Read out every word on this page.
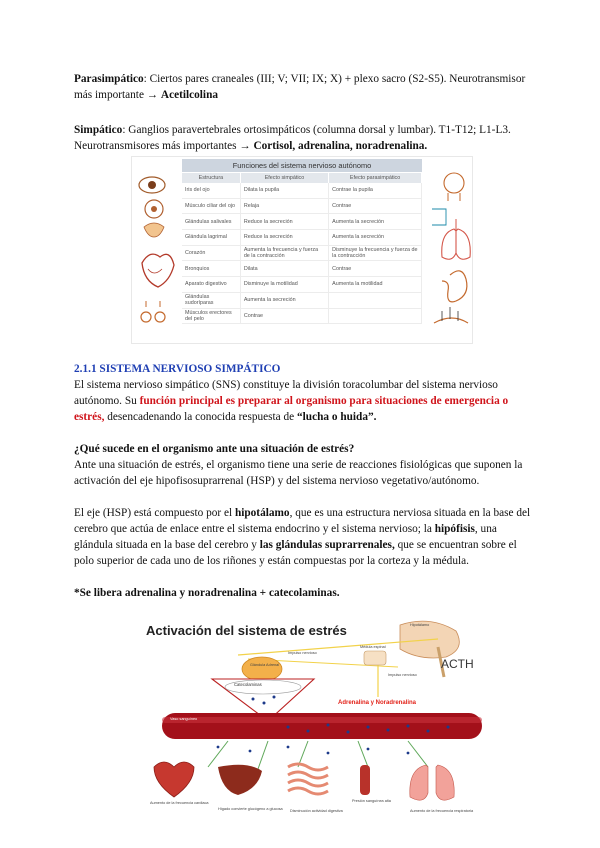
Parasimpático: Ciertos pares craneales (III; V; VII; IX; X) + plexo sacro (S2-S5). Neurotransmisor más importante → Acetilcolina

Simpático: Ganglios paravertebrales ortosimpáticos (columna dorsal y lumbar). T1-T12; L1-L3. Neurotransmisores más importantes → Cortisol, adrenalina, noradrenalina.

Funciones del sistema nervioso autónomo
Estructura	Efecto simpático	Efecto parasimpático
Iris del ojo	Dilata la pupila	Contrae la pupila
Músculo ciliar del ojo	Relaja	Contrae
Glándulas salivales	Reduce la secreción	Aumenta la secreción
Glándula lagrimal	Reduce la secreción	Aumenta la secreción
Corazón	Aumenta la frecuencia y fuerza de la contracción	Disminuye la frecuencia y fuerza de la contracción
Bronquios	Dilata	Contrae
Aparato digestivo	Disminuye la motilidad	Aumenta la motilidad
Glándulas sudoríparas	Aumenta la secreción	
Músculos erectores del pelo	Contrae	

2.1.1 SISTEMA NERVIOSO SIMPÁTICO

El sistema nervioso simpático (SNS) constituye la división toracolumbar del sistema nervioso autónomo. Su función principal es preparar al organismo para situaciones de emergencia o estrés, desencadenando la conocida respuesta de “lucha o huida”.

¿Qué sucede en el organismo ante una situación de estrés?

Ante una situación de estrés, el organismo tiene una serie de reacciones fisiológicas que suponen la activación del eje hipofisosuprarrenal (HSP) y del sistema nervioso vegetativo/autónomo.

El eje (HSP) está compuesto por el hipotálamo, que es una estructura nerviosa situada en la base del cerebro que actúa de enlace entre el sistema endocrino y el sistema nervioso; la hipófisis, una glándula situada en la base del cerebro y las glándulas suprarrenales, que se encuentran sobre el polo superior de cada uno de los riñones y están compuestas por la corteza y la médula.

*Se libera adrenalina y noradrenalina + catecolaminas.

Activación del sistema de estrés
ACTH
Adrenalina y Noradrenalina
Catecolaminas
Hipotálamo
Impulso nervioso
Médula espinal
Glándula Adrenal
Impulso nervioso
Vaso sanguíneo
Aumento de la frecuencia cardiaca
Hígado convierte glucógeno a glucosa Disminución actividad digestiva
Presión sanguínea alta
Aumento de la frecuencia respiratoria
